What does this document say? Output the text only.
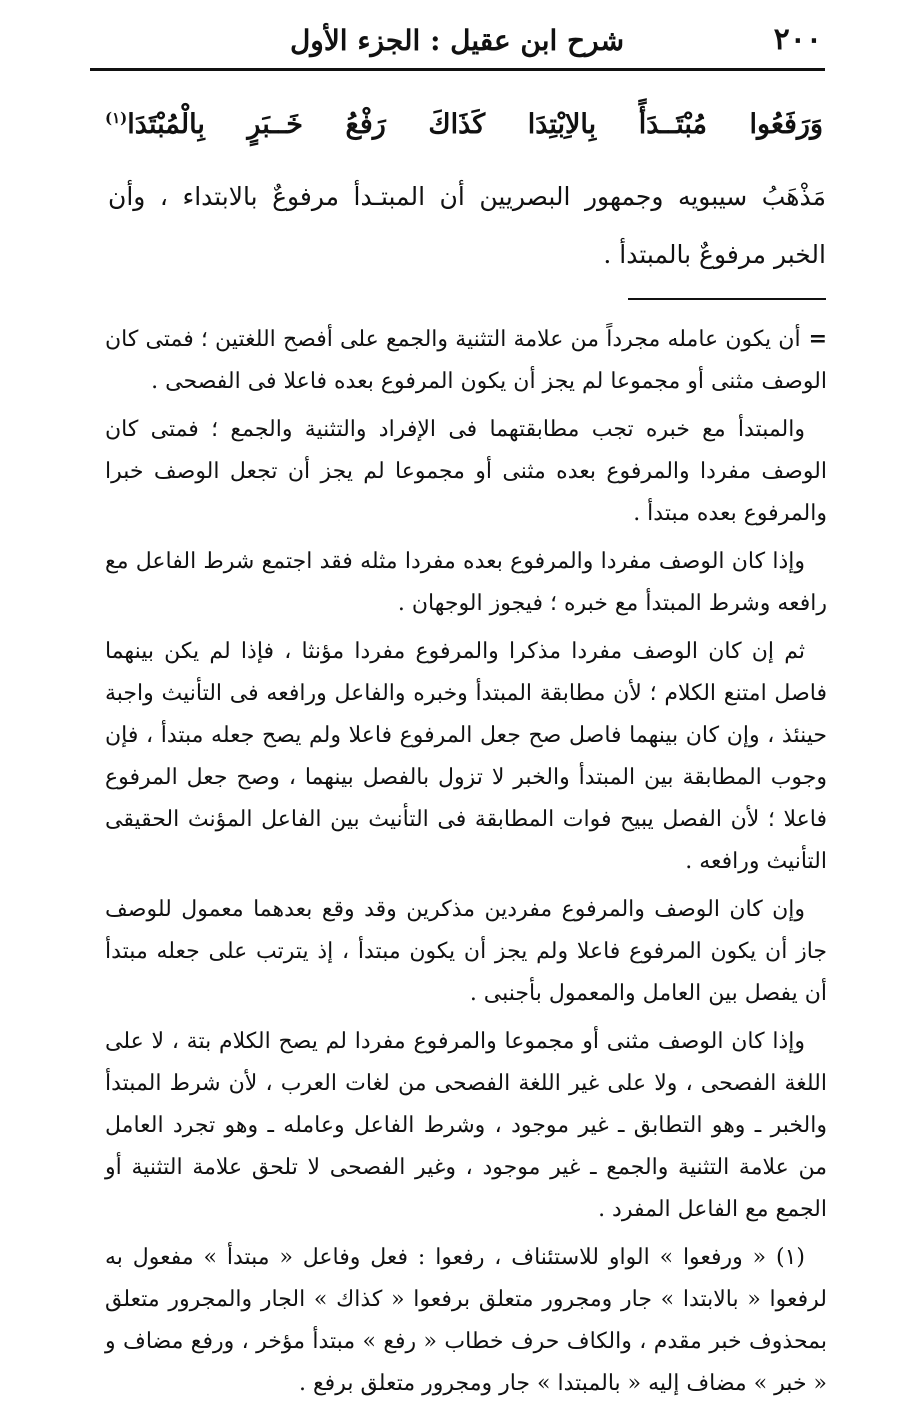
٢٠٠
شرح ابن عقيل : الجزء الأول
وَرَفَعُوا مُبْتَــدَأً بِالاِبْتِدَا كَذَاكَ رَفْعُ خَــبَرٍ بِالْمُبْتَدَا$^{(١)}$

مَذْهَبُ سيبويه وجمهور البصريين أن المبتـدأ مرفوعٌ بالابتداء ، وأن الخبر مرفوعٌ بالمبتدأ .

=أن يكون عامله مجرداً من علامة التثنية والجمع على أفصح اللغتين ؛ فمتى كان الوصف مثنى أو مجموعا لم يجز أن يكون المرفوع بعده فاعلا فى الفصحى .

والمبتدأ مع خبره تجب مطابقتهما فى الإفراد والتثنية والجمع ؛ فمتى كان الوصف مفردا والمرفوع بعده مثنى أو مجموعا لم يجز أن تجعل الوصف خبرا والمرفوع بعده مبتدأ .

وإذا كان الوصف مفردا والمرفوع بعده مفردا مثله فقد اجتمع شرط الفاعل مع رافعه وشرط المبتدأ مع خبره ؛ فيجوز الوجهان .

ثم إن كان الوصف مفردا مذكرا والمرفوع مفردا مؤنثا ، فإذا لم يكن بينهما فاصل امتنع الكلام ؛ لأن مطابقة المبتدأ وخبره والفاعل ورافعه فى التأنيث واجبة حينئذ ، وإن كان بينهما فاصل صح جعل المرفوع فاعلا ولم يصح جعله مبتدأ ، فإن وجوب المطابقة بين المبتدأ والخبر لا تزول بالفصل بينهما ، وصح جعل المرفوع فاعلا ؛ لأن الفصل يبيح فوات المطابقة فى التأنيث بين الفاعل المؤنث الحقيقى التأنيث ورافعه .

وإن كان الوصف والمرفوع مفردين مذكرين وقد وقع بعدهما معمول للوصف جاز أن يكون المرفوع فاعلا ولم يجز أن يكون مبتدأ ، إذ يترتب على جعله مبتدأ أن يفصل بين العامل والمعمول بأجنبى .

وإذا كان الوصف مثنى أو مجموعا والمرفوع مفردا لم يصح الكلام بتة ، لا على اللغة الفصحى ، ولا على غير اللغة الفصحى من لغات العرب ، لأن شرط المبتدأ والخبر ـ وهو التطابق ـ غير موجود ، وشرط الفاعل وعامله ـ وهو تجرد العامل من علامة التثنية والجمع ـ غير موجود ، وغير الفصحى لا تلحق علامة التثنية أو الجمع مع الفاعل المفرد .

(١) « ورفعوا » الواو للاستئناف ، رفعوا : فعل وفاعل « مبتدأ » مفعول به لرفعوا « بالابتدا » جار ومجرور متعلق برفعوا « كذاك » الجار والمجرور متعلق بمحذوف خبر مقدم ، والكاف حرف خطاب « رفع » مبتدأ مؤخر ، ورفع مضاف و « خبر » مضاف إليه « بالمبتدا » جار ومجرور متعلق برفع .
